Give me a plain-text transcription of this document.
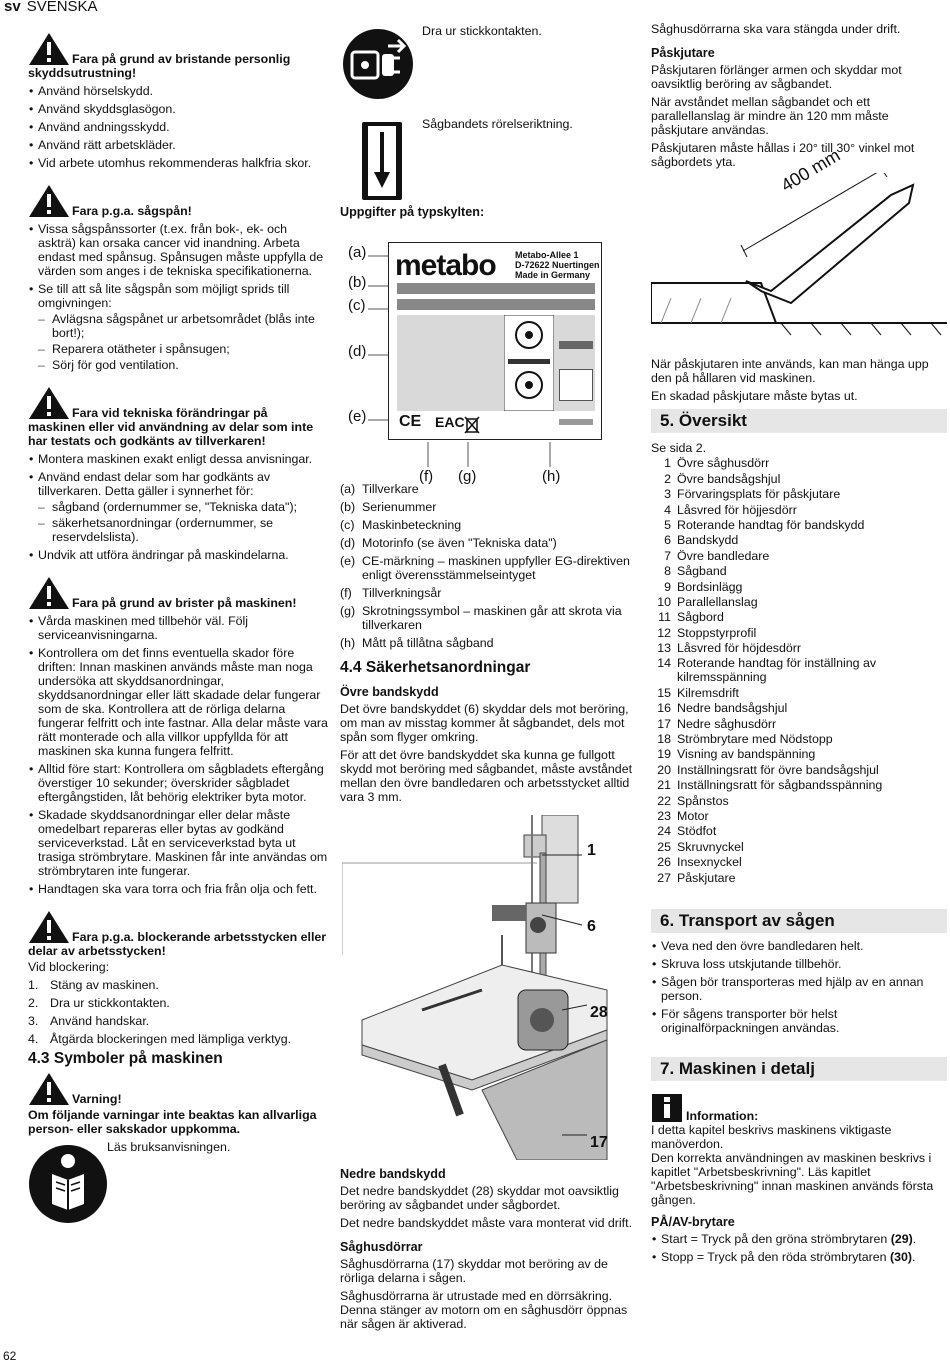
sv SVENSKA
Fara på grund av bristande personlig skyddsutrustning!
• Använd hörselskydd.
• Använd skyddsglasögon.
• Använd andningsskydd.
• Använd rätt arbetskläder.
• Vid arbete utomhus rekommenderas halkfria skor.
Fara p.g.a. sågspån!
• Vissa sågspånssorter (t.ex. från bok-, ek- och askträ) kan orsaka cancer vid inandning. Arbeta endast med spånsug. Spånsugen måste uppfylla de värden som anges i de tekniska specifikationerna.
• Se till att så lite sågspån som möjligt sprids till omgivningen:
– Avlägsna sågspånet ur arbetsområdet (blås inte bort!);
– Reparera otätheter i spånsugen;
– Sörj för god ventilation.
Fara vid tekniska förändringar på maskinen eller vid användning av delar som inte har testats och godkänts av tillverkaren!
• Montera maskinen exakt enligt dessa anvisningar.
• Använd endast delar som har godkänts av tillverkaren. Detta gäller i synnerhet för:
– sågband (ordernummer se, "Tekniska data");
– säkerhetsanordningar (ordernummer, se reservdelslista).
• Undvik att utföra ändringar på maskindelarna.
Fara på grund av brister på maskinen!
• Vårda maskinen med tillbehör väl. Följ serviceanvisningarna.
• Kontrollera om det finns eventuella skador före driften: Innan maskinen används måste man noga undersöka att skyddsanordningar, skyddsanordningar eller lätt skadade delar fungerar som de ska. Kontrollera att de rörliga delarna fungerar felfritt och inte fastnar. Alla delar måste vara rätt monterade och alla villkor uppfyllda för att maskinen ska kunna fungera felfritt.
• Alltid före start: Kontrollera om sågbladets eftergång överstiger 10 sekunder; överskrider sågbladet eftergångstiden, låt behörig elektriker byta motor.
• Skadade skyddsanordningar eller delar måste omedelbart repareras eller bytas av godkänd serviceverkstad. Låt en serviceverkstad byta ut trasiga strömbrytare. Maskinen får inte användas om strömbrytaren inte fungerar.
• Handtagen ska vara torra och fria från olja och fett.
Fara p.g.a. blockerande arbetsstycken eller delar av arbetsstycken!

Vid blockering:

1. Stäng av maskinen.
2. Dra ur stickkontakten.
3. Använd handskar.
4. Åtgärda blockeringen med lämpliga verktyg.
4.3 Symboler på maskinen
Varning!

Om följande varningar inte beaktas kan allvarliga person- eller sakskador uppkomma.

Läs bruksanvisningen.
62
Dra ur stickkontakten.
Sågbandets rörelseriktning.
Uppgifter på typskylten:
(a)
(b)
(c)
(d)
(e)
metabo Metabo-Allee 1
D-72622 Nuertingen
Made in Germany
CE EAC
(f) (g)	(h)
(a) Tillverkare
(b) Serienummer
(c) Maskinbeteckning
(d) Motorinfo (se även "Tekniska data")
(e) CE-märkning – maskinen uppfyller EG-direktiven enligt överensstämmelseintyget
(f) Tillverkningsår
(g) Skrotningssymbol – maskinen går att skrota via tillverkaren
(h) Mått på tillåtna sågband
4.4 Säkerhetsanordningar
Övre bandskydd

Det övre bandskyddet (6) skyddar dels mot beröring, om man av misstag kommer åt sågbandet, dels mot spån som flyger omkring.

För att det övre bandskyddet ska kunna ge fullgott skydd mot beröring med sågbandet, måste avståndet mellan den övre bandledaren och arbetsstycket alltid vara 3 mm.

1
6
28
17
Nedre bandskydd

Det nedre bandskyddet (28) skyddar mot oavsiktlig beröring av sågbandet under sågbordet.

Det nedre bandskyddet måste vara monterat vid drift.

Såghusdörrar

Såghusdörrarna (17) skyddar mot beröring av de rörliga delarna i sågen.

Såghusdörrarna är utrustade med en dörrsäkring. Denna stänger av motorn om en såghusdörr öppnas när sågen är aktiverad.

Såghusdörrarna ska vara stängda under drift.

Påskjutare

Påskjutaren förlänger armen och skyddar mot oavsiktlig beröring av sågbandet.

När avståndet mellan sågbandet och ett parallellanslag är mindre än 120 mm måste påskjutare användas.

Påskjutaren måste hållas i 20° till 30° vinkel mot sågbordets yta.	400 mm

När påskjutaren inte används, kan man hänga upp den på hållaren vid maskinen.

En skadad påskjutare måste bytas ut.

5. Översikt

Se sida 2.

1 Övre såghusdörr
2 Övre bandsågshjul
3 Förvaringsplats för påskjutare
4 Låsvred för höjjesdörr
5 Roterande handtag för bandskydd
6 Bandskydd
7 Övre bandledare
8 Sågband
9 Bordsinlägg
10 Parallellanslag
11 Sågbord
12 Stoppstyrprofil
13 Låsvred för höjdesdörr
14 Roterande handtag för inställning av kilremsspänning
15 Kilremsdrift
16 Nedre bandsågshjul
17 Nedre såghusdörr
18 Strömbrytare med Nödstopp
19 Visning av bandspänning
20 Inställningsratt för övre bandsågshjul
21 Inställningsratt för sågbandsspänning
22 Spånstos
23 Motor
24 Stödfot
25 Skruvnyckel
26 Insexnyckel
27 Påskjutare
6. Transport av sågen
• Veva ned den övre bandledaren helt.
• Skruva loss utskjutande tillbehör.
• Sågen bör transporteras med hjälp av en annan person.
• För sågens transporter bör helst originalförpackningen användas.
7. Maskinen i detalj
Information:

I detta kapitel beskrivs maskinens viktigaste manöverdon.

Den korrekta användningen av maskinen beskrivs i kapitlet "Arbetsbeskrivning". Läs kapitlet "Arbetsbeskrivning" innan maskinen används första gången.

PÅ/AV-brytare
• Start = Tryck på den gröna strömbrytaren (29).
• Stopp = Tryck på den röda strömbrytaren (30).
